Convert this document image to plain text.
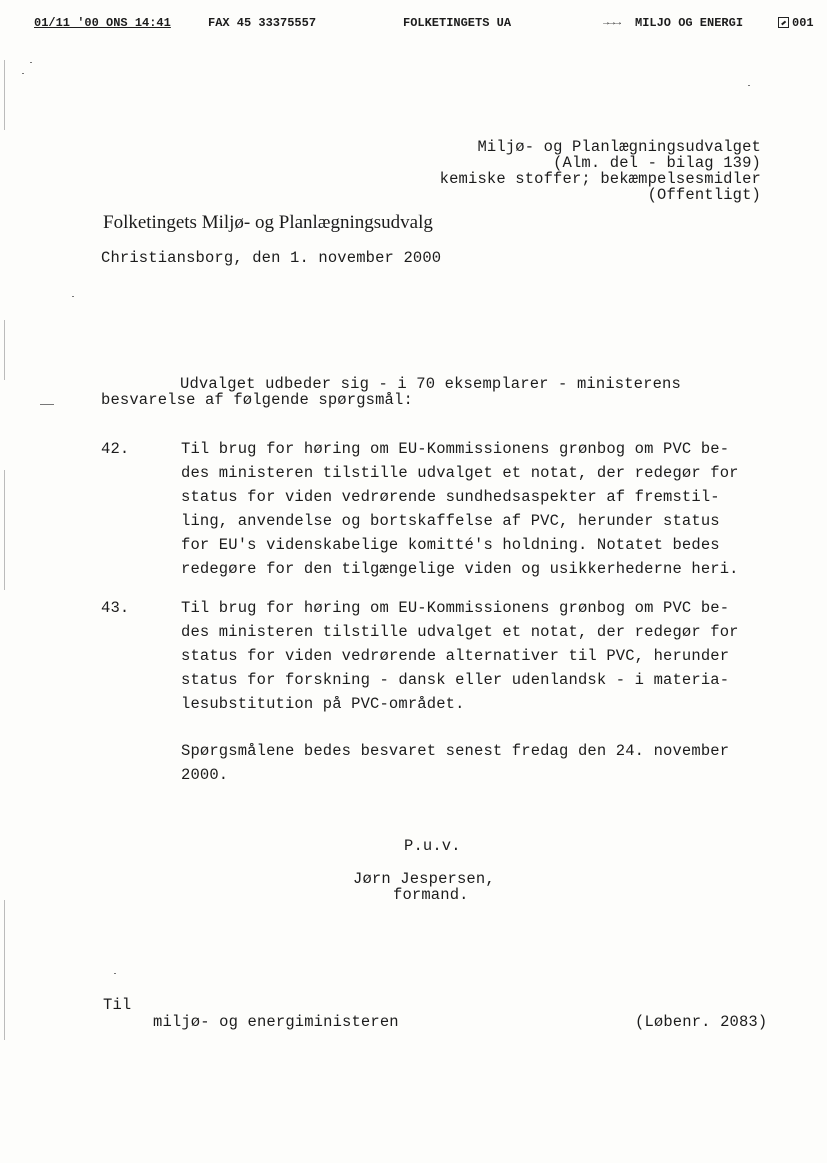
01/11 '00 ONS 14:41	FAX 45 33375557	FOLKETINGETS UA	→→→ MILJO OG ENERGI	001
Miljø- og Planlægningsudvalget
(Alm. del - bilag 139)
kemiske stoffer; bekæmpelsesmidler
(Offentligt)
Folketingets Miljø- og Planlægningsudvalg
Christiansborg, den 1. november 2000
Udvalget udbeder sig - i 70 eksemplarer - ministerens
besvarelse af følgende spørgsmål:
42.	Til brug for høring om EU-Kommissionens grønbog om PVC be-
des ministeren tilstille udvalget et notat, der redegør for
status for viden vedrørende sundhedsaspekter af fremstil-
ling, anvendelse og bortskaffelse af PVC, herunder status
for EU's videnskabelige komitté's holdning. Notatet bedes
redegøre for den tilgængelige viden og usikkerhederne heri.
43.	Til brug for høring om EU-Kommissionens grønbog om PVC be-
des ministeren tilstille udvalget et notat, der redegør for
status for viden vedrørende alternativer til PVC, herunder
status for forskning - dansk eller udenlandsk - i materia-
lesubstitution på PVC-området.
Spørgsmålene bedes besvaret senest fredag den 24. november
2000.
P.u.v.
Jørn Jespersen,
formand.
Til
miljø- og energiministeren	(Løbenr. 2083)
